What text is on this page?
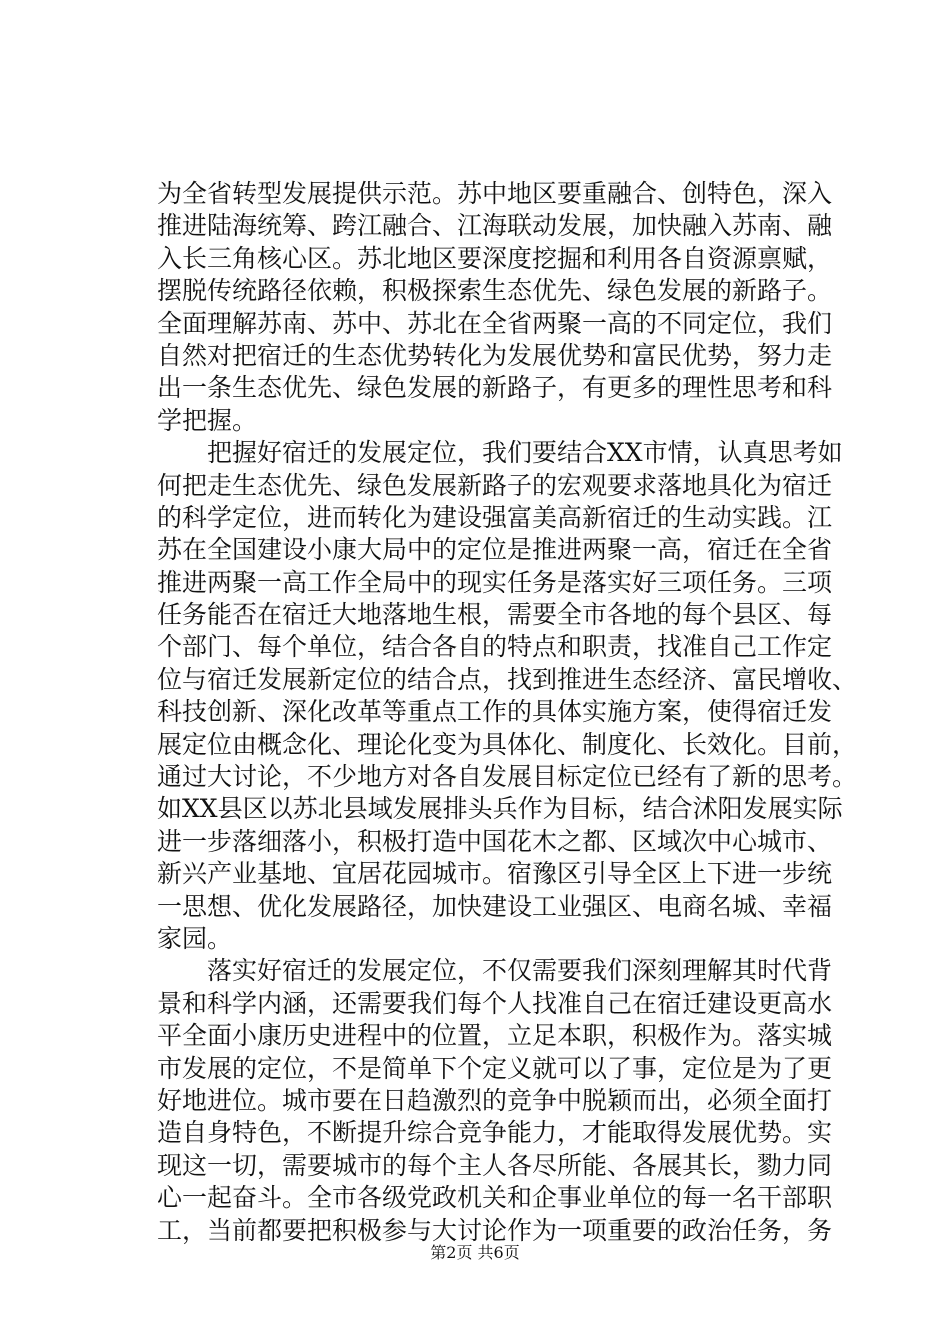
为全省转型发展提供示范。苏中地区要重融合、创特色，深入
推进陆海统筹、跨江融合、江海联动发展，加快融入苏南、融
入长三角核心区。苏北地区要深度挖掘和利用各自资源禀赋，
摆脱传统路径依赖，积极探索生态优先、绿色发展的新路子。
全面理解苏南、苏中、苏北在全省两聚一高的不同定位，我们
自然对把宿迁的生态优势转化为发展优势和富民优势，努力走
出一条生态优先、绿色发展的新路子，有更多的理性思考和科
学把握。
　　把握好宿迁的发展定位，我们要结合XX市情，认真思考如
何把走生态优先、绿色发展新路子的宏观要求落地具化为宿迁
的科学定位，进而转化为建设强富美高新宿迁的生动实践。江
苏在全国建设小康大局中的定位是推进两聚一高，宿迁在全省
推进两聚一高工作全局中的现实任务是落实好三项任务。三项
任务能否在宿迁大地落地生根，需要全市各地的每个县区、每
个部门、每个单位，结合各自的特点和职责，找准自己工作定
位与宿迁发展新定位的结合点，找到推进生态经济、富民增收、
科技创新、深化改革等重点工作的具体实施方案，使得宿迁发
展定位由概念化、理论化变为具体化、制度化、长效化。目前，
通过大讨论，不少地方对各自发展目标定位已经有了新的思考。
如XX县区以苏北县域发展排头兵作为目标，结合沭阳发展实际
进一步落细落小，积极打造中国花木之都、区域次中心城市、
新兴产业基地、宜居花园城市。宿豫区引导全区上下进一步统
一思想、优化发展路径，加快建设工业强区、电商名城、幸福
家园。
　　落实好宿迁的发展定位，不仅需要我们深刻理解其时代背
景和科学内涵，还需要我们每个人找准自己在宿迁建设更高水
平全面小康历史进程中的位置，立足本职，积极作为。落实城
市发展的定位，不是简单下个定义就可以了事，定位是为了更
好地进位。城市要在日趋激烈的竞争中脱颖而出，必须全面打
造自身特色，不断提升综合竞争能力，才能取得发展优势。实
现这一切，需要城市的每个主人各尽所能、各展其长，勠力同
心一起奋斗。全市各级党政机关和企事业单位的每一名干部职
工，当前都要把积极参与大讨论作为一项重要的政治任务，务
第2页 共6页
